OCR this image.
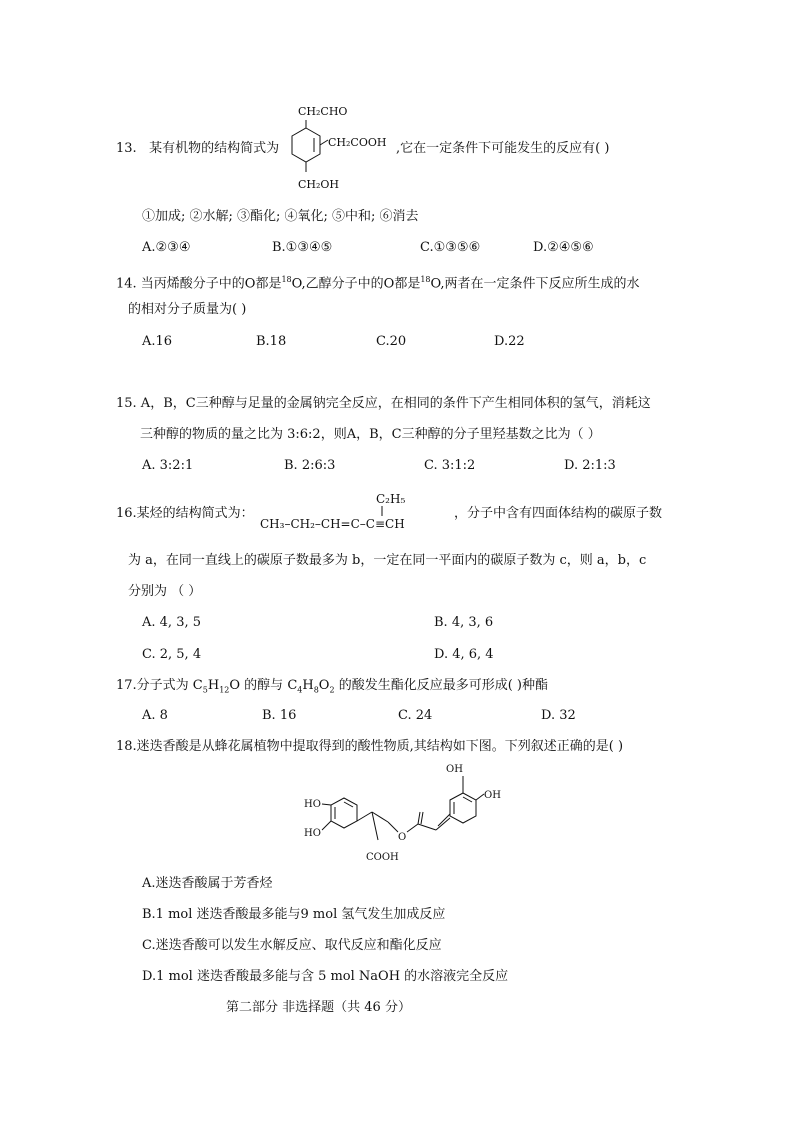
13. 某有机物的结构简式为
CH₂CHO
CH₂COOH
CH₂OH
,它在一定条件下可能发生的反应有( )
①加成; ②水解; ③酯化; ④氧化; ⑤中和; ⑥消去
A.②③④	B.①③④⑤	C.①③⑤⑥	D.②④⑤⑥
14. 当丙烯酸分子中的O都是$^{18}$O,乙醇分子中的O都是$^{18}$O,两者在一定条件下反应所生成的水
的相对分子质量为( )
A.16	B.18	C.20	D.22
15. A，B，C三种醇与足量的金属钠完全反应，在相同的条件下产生相同体积的氢气，消耗这
三种醇的物质的量之比为 3:6:2，则A，B，C三种醇的分子里羟基数之比为（ ）
A. 3:2:1	B. 2:6:3	C. 3:1:2	D. 2:1:3
16.某烃的结构简式为：
C₂H₅
CH₃–CH₂–CH=C–C≡CH
，分子中含有四面体结构的碳原子数
为 a，在同一直线上的碳原子数最多为 b，一定在同一平面内的碳原子数为 c，则 a，b，c
分别为 （ ）
A. 4, 3, 5	B. 4, 3, 6
C. 2, 5, 4	D. 4, 6, 4
17.分子式为 $C_5H_{12}O$ 的醇与 $C_4H_8O_2$ 的酸发生酯化反应最多可形成( )种酯
A. 8	B. 16	C. 24	D. 32
18.迷迭香酸是从蜂花属植物中提取得到的酸性物质,其结构如下图。下列叙述正确的是( )
HO
HO
COOH
O
OH
OH
A.迷迭香酸属于芳香烃
B.1 mol 迷迭香酸最多能与9 mol 氢气发生加成反应
C.迷迭香酸可以发生水解反应、取代反应和酯化反应
D.1 mol 迷迭香酸最多能与含 5 mol NaOH 的水溶液完全反应
第二部分 非选择题（共 46 分）
